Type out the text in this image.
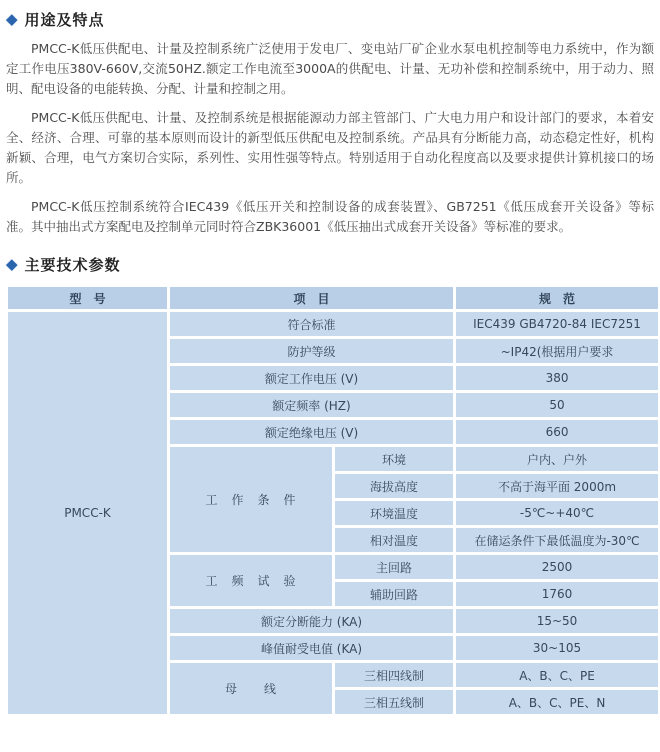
◆ 用途及特点

PMCC-K低压供配电、计量及控制系统广泛使用于发电厂、变电站厂矿企业水泵电机控制等电力系统中，作为额定工作电压380V-660V,交流50HZ.额定工作电流至3000A的供配电、计量、无功补偿和控制系统中，用于动力、照明、配电设备的电能转换、分配、计量和控制之用。

PMCC-K低压供配电、计量、及控制系统是根据能源动力部主管部门、广大电力用户和设计部门的要求，本着安全、经济、合理、可靠的基本原则而设计的新型低压供配电及控制系统。产品具有分断能力高，动态稳定性好，机构新颖、合理，电气方案切合实际，系列性、实用性强等特点。特别适用于自动化程度高以及要求提供计算机接口的场所。

PMCC-K低压控制系统符合IEC439《低压开关和控制设备的成套装置》、GB7251《低压成套开关设备》等标准。其中抽出式方案配电及控制单元同时符合ZBK36001《低压抽出式成套开关设备》等标准的要求。

◆ 主要技术参数
型　号	项　目		规　范
PMCC-K	符合标准		IEC439 GB4720-84 IEC7251
	防护等级		~IP42(根据用户要求
	额定工作电压 (V)		380
	额定频率 (HZ)		50
	额定绝缘电压 (V)		660
	工　作　条　件	环境	户内、户外
		海拔高度	不高于海平面 2000m
		环境温度	-5℃~+40℃
		相对温度	在储运条件下最低温度为-30℃
	工　频　试　验	主回路	2500
		辅助回路	1760
	额定分断能力 (KA)		15~50
	峰值耐受电值 (KA)		30~105
	母　　线	三相四线制	A、B、C、PE
		三相五线制	A、B、C、PE、N
